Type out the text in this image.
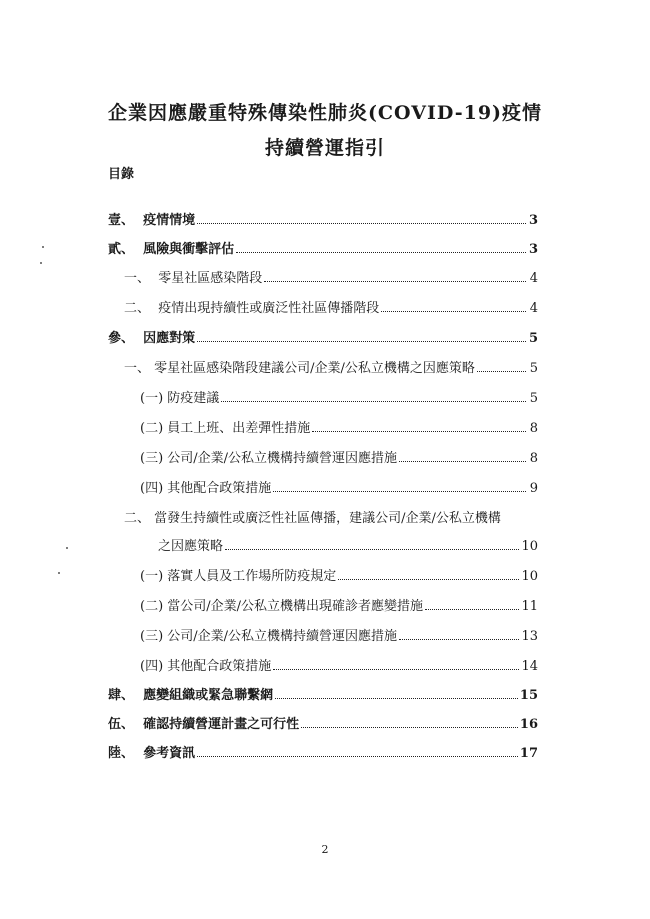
企業因應嚴重特殊傳染性肺炎(COVID-19)疫情
持續營運指引
目錄
壹、 疫情情境	3
貳、 風險與衝擊評估	3
一、 零星社區感染階段	4
二、 疫情出現持續性或廣泛性社區傳播階段	4
參、 因應對策	5
一、 零星社區感染階段建議公司/企業/公私立機構之因應策略	5
(一) 防疫建議	5
(二) 員工上班、出差彈性措施	8
(三) 公司/企業/公私立機構持續營運因應措施	8
(四) 其他配合政策措施	9
二、 當發生持續性或廣泛性社區傳播，建議公司/企業/公私立機構
之因應策略	10
(一) 落實人員及工作場所防疫規定	10
(二) 當公司/企業/公私立機構出現確診者應變措施	11
(三) 公司/企業/公私立機構持續營運因應措施	13
(四) 其他配合政策措施	14
肆、 應變組織或緊急聯繫網	15
伍、 確認持續營運計畫之可行性	16
陸、 參考資訊	17
2
